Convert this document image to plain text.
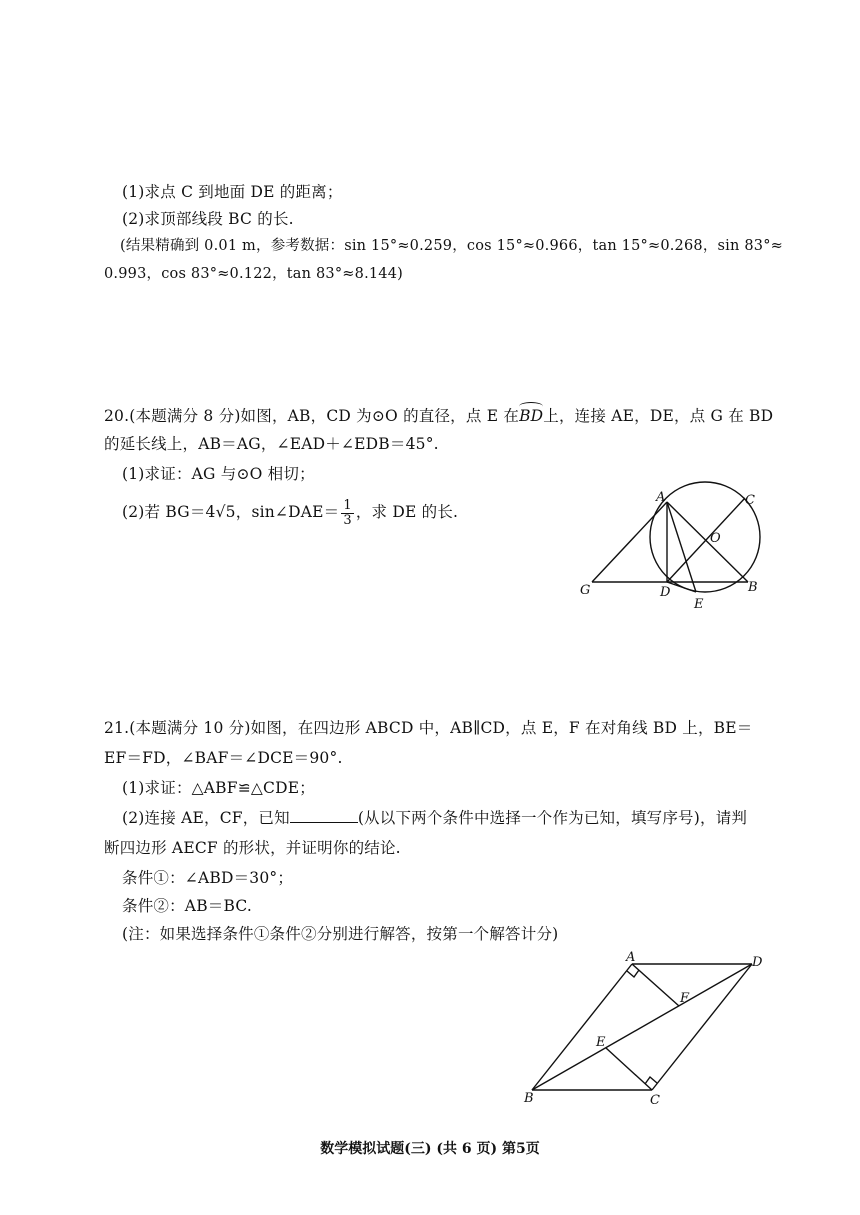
(1)求点 C 到地面 DE 的距离；
(2)求顶部线段 BC 的长.
(结果精确到 0.01 m，参考数据：sin 15°≈0.259，cos 15°≈0.966，tan 15°≈0.268，sin 83°≈
0.993，cos 83°≈0.122，tan 83°≈8.144)
20.(本题满分 8 分)如图，AB，CD 为⊙O 的直径，点 E 在BD上，连接 AE，DE，点 G 在 BD
的延长线上，AB＝AG，∠EAD＋∠EDB＝45°.
(1)求证：AG 与⊙O 相切；
(2)若 BG＝4√5，sin∠DAE＝ $\frac{1}{3}$ ，求 DE 的长.
A	C
O
G	D	B
E
21.(本题满分 10 分)如图，在四边形 ABCD 中，AB∥CD，点 E，F 在对角线 BD 上，BE＝
EF＝FD，∠BAF＝∠DCE＝90°.
(1)求证：△ABF≌△CDE；
(2)连接 AE，CF，已知	(从以下两个条件中选择一个作为已知，填写序号)，请判
断四边形 AECF 的形状，并证明你的结论.
条件①：∠ABD＝30°；
条件②：AB＝BC.
(注：如果选择条件①条件②分别进行解答，按第一个解答计分)
A	D
F
E
B	C
数学模拟试题(三) (共 6 页) 第5页
